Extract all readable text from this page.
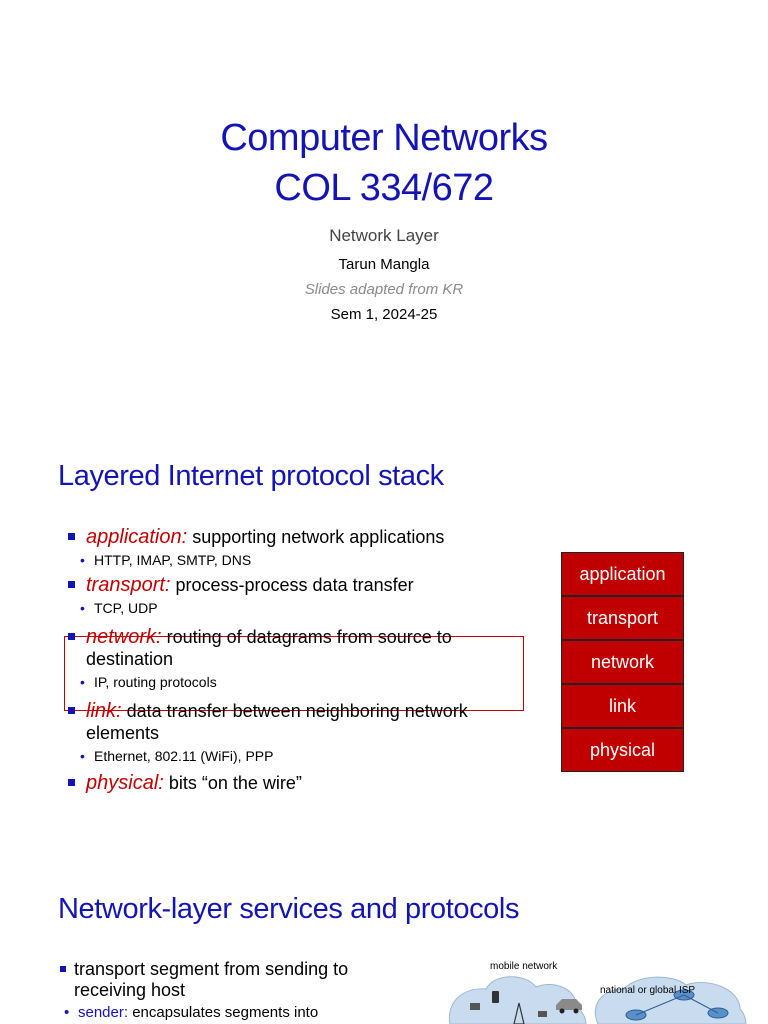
Computer Networks
COL 334/672
Network Layer
Tarun Mangla
Slides adapted from KR
Sem 1, 2024-25
Layered Internet protocol stack
application: supporting network applications
• HTTP, IMAP, SMTP, DNS
transport: process-process data transfer
• TCP, UDP
network: routing of datagrams from source to destination
• IP, routing protocols
link: data transfer between neighboring network elements
• Ethernet, 802.11 (WiFi), PPP
physical: bits “on the wire”
application
transport
network
link
physical
Network-layer services and protocols
transport segment from sending to receiving host
• sender: encapsulates segments into
mobile network
national or global ISP
